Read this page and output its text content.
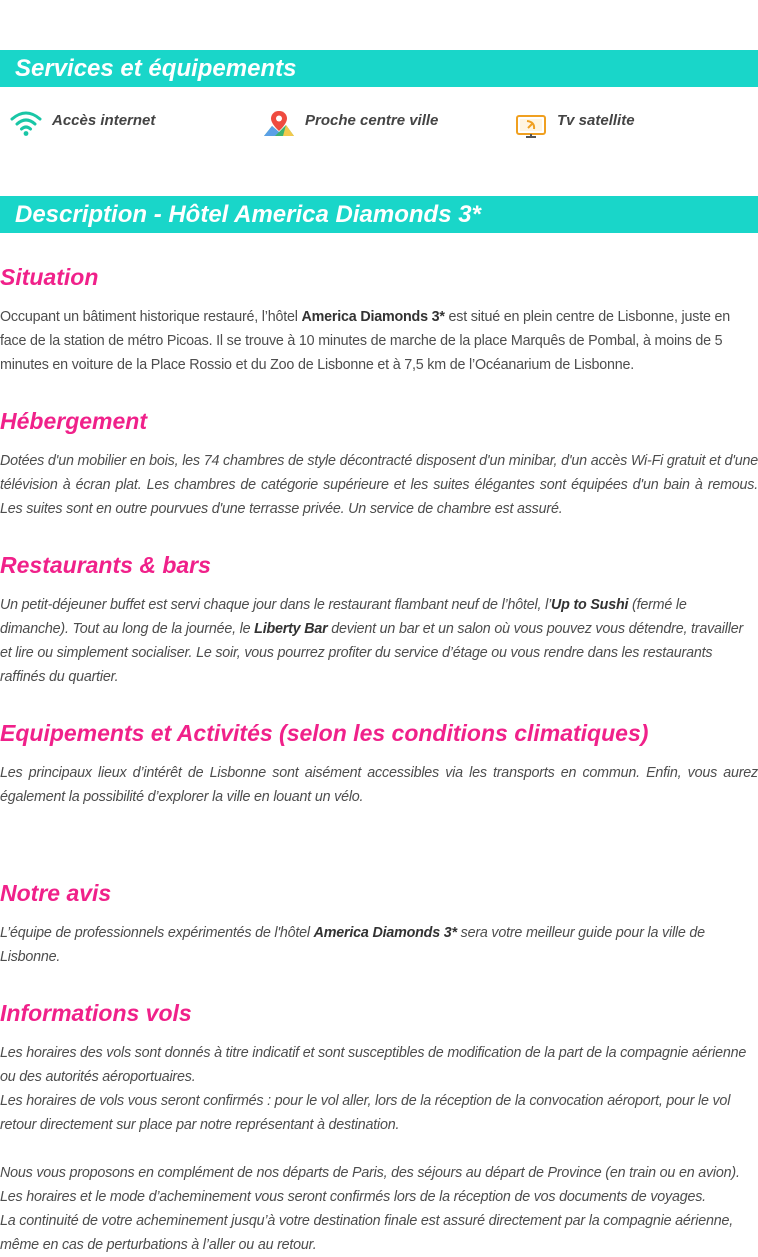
Services et équipements
Accès internet	Proche centre ville	Tv satellite
Description - Hôtel America Diamonds 3*
Situation

Occupant un bâtiment historique restauré, l’hôtel America Diamonds 3* est situé en plein centre de Lisbonne, juste en face de la station de métro Picoas. Il se trouve à 10 minutes de marche de la place Marquês de Pombal, à moins de 5 minutes en voiture de la Place Rossio et du Zoo de Lisbonne et à 7,5 km de l’Océanarium de Lisbonne.

Hébergement

Dotées d'un mobilier en bois, les 74 chambres de style décontracté disposent d'un minibar, d'un accès Wi-Fi gratuit et d'une télévision à écran plat. Les chambres de catégorie supérieure et les suites élégantes sont équipées d'un bain à remous. Les suites sont en outre pourvues d'une terrasse privée. Un service de chambre est assuré.

Restaurants & bars

Un petit-déjeuner buffet est servi chaque jour dans le restaurant flambant neuf de l’hôtel, l’Up to Sushi (fermé le dimanche). Tout au long de la journée, le Liberty Bar devient un bar et un salon où vous pouvez vous détendre, travailler et lire ou simplement socialiser. Le soir, vous pourrez profiter du service d’étage ou vous rendre dans les restaurants raffinés du quartier.

Equipements et Activités (selon les conditions climatiques)

Les principaux lieux d’intérêt de Lisbonne sont aisément accessibles via les transports en commun. Enfin, vous aurez également la possibilité d’explorer la ville en louant un vélo.

Notre avis

L’équipe de professionnels expérimentés de l'hôtel America Diamonds 3* sera votre meilleur guide pour la ville de Lisbonne.

Informations vols
Les horaires des vols sont donnés à titre indicatif et sont susceptibles de modification de la part de la compagnie aérienne ou des autorités aéroportuaires.
Les horaires de vols vous seront confirmés : pour le vol aller, lors de la réception de la convocation aéroport, pour le vol retour directement sur place par notre représentant à destination.
Nous vous proposons en complément de nos départs de Paris, des séjours au départ de Province (en train ou en avion).
Les horaires et le mode d’acheminement vous seront confirmés lors de la réception de vos documents de voyages.
La continuité de votre acheminement jusqu’à votre destination finale est assuré directement par la compagnie aérienne, même en cas de perturbations à l’aller ou au retour.
